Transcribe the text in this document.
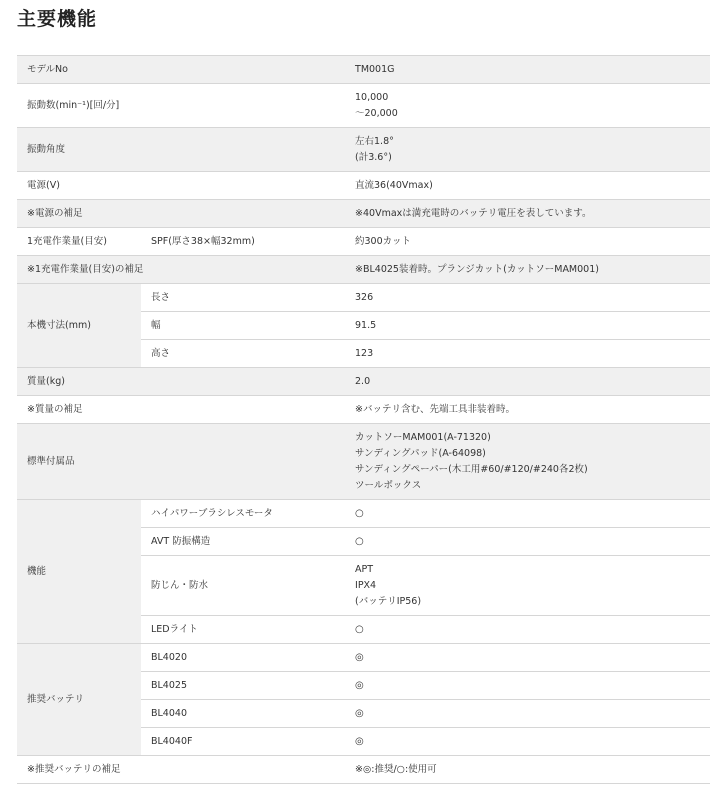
主要機能
モデルNo		TM001G
振動数(min⁻¹)[回/分]		10,000
～20,000

振動角度		左右1.8°
(計3.6°)

電源(V)		直流36(40Vmax)
※電源の補足		※40Vmaxは満充電時のバッテリ電圧を表しています。
1充電作業量(目安)	SPF(厚さ38×幅32mm)	約300カット
※1充電作業量(目安)の補足		※BL4025装着時。プランジカット(カットソーMAM001)
本機寸法(mm)	長さ	326
	幅	91.5
	高さ	123
質量(kg)		2.0
※質量の補足		※バッテリ含む、先端工具非装着時。
標準付属品		カットソーMAM001(A-71320)
サンディングパッド(A-64098)
サンディングペーパー(木工用#60/#120/#240各2枚)
ツールボックス

機能	ハイパワーブラシレスモータ	○
	AVT 防振構造	○
	防じん・防水	APT
IPX4
(バッテリIP56)

	LEDライト	○
推奨バッテリ	BL4020	◎
	BL4025	◎
	BL4040	◎
	BL4040F	◎
※推奨バッテリの補足		※◎:推奨/○:使用可
